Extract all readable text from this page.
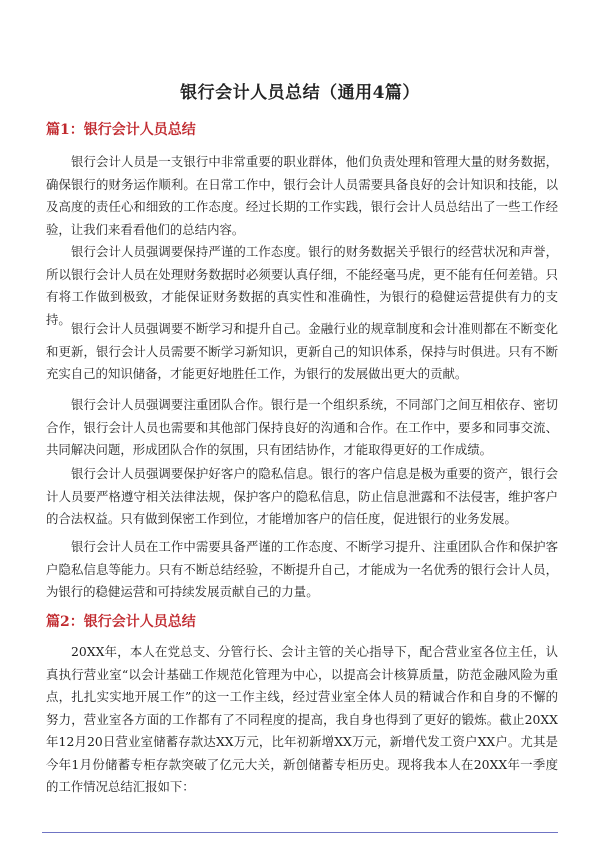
银行会计人员总结（通用4篇）
篇1：银行会计人员总结

银行会计人员是一支银行中非常重要的职业群体，他们负责处理和管理大量的财务数据，确保银行的财务运作顺利。在日常工作中，银行会计人员需要具备良好的会计知识和技能，以及高度的责任心和细致的工作态度。经过长期的工作实践，银行会计人员总结出了一些工作经验，让我们来看看他们的总结内容。

银行会计人员强调要保持严谨的工作态度。银行的财务数据关乎银行的经营状况和声誉，所以银行会计人员在处理财务数据时必须要认真仔细，不能经毫马虎，更不能有任何差错。只有将工作做到极致，才能保证财务数据的真实性和准确性，为银行的稳健运营提供有力的支持。

银行会计人员强调要不断学习和提升自己。金融行业的规章制度和会计准则都在不断变化和更新，银行会计人员需要不断学习新知识，更新自己的知识体系，保持与时俱进。只有不断充实自己的知识储备，才能更好地胜任工作，为银行的发展做出更大的贡献。

银行会计人员强调要注重团队合作。银行是一个组织系统，不同部门之间互相依存、密切合作，银行会计人员也需要和其他部门保持良好的沟通和合作。在工作中，要多和同事交流、共同解决问题，形成团队合作的氛围，只有团结协作，才能取得更好的工作成绩。

银行会计人员强调要保护好客户的隐私信息。银行的客户信息是极为重要的资产，银行会计人员要严格遵守相关法律法规，保护客户的隐私信息，防止信息泄露和不法侵害，维护客户的合法权益。只有做到保密工作到位，才能增加客户的信任度，促进银行的业务发展。

银行会计人员在工作中需要具备严谨的工作态度、不断学习提升、注重团队合作和保护客户隐私信息等能力。只有不断总结经验，不断提升自己，才能成为一名优秀的银行会计人员，为银行的稳健运营和可持续发展贡献自己的力量。

篇2：银行会计人员总结

20XX年，本人在党总支、分管行长、会计主管的关心指导下，配合营业室各位主任，认真执行营业室“以会计基础工作规范化管理为中心，以提高会计核算质量，防范金融风险为重点，扎扎实实地开展工作”的这一工作主线，经过营业室全体人员的精诚合作和自身的不懈的努力，营业室各方面的工作都有了不同程度的提高，我自身也得到了更好的锻炼。截止20XX年12月20日营业室储蓄存款达XX万元，比年初新增XX万元，新增代发工资户XX户。尤其是今年1月份储蓄专柜存款突破了亿元大关，新创储蓄专柜历史。现将我本人在20XX年一季度的工作情况总结汇报如下：
